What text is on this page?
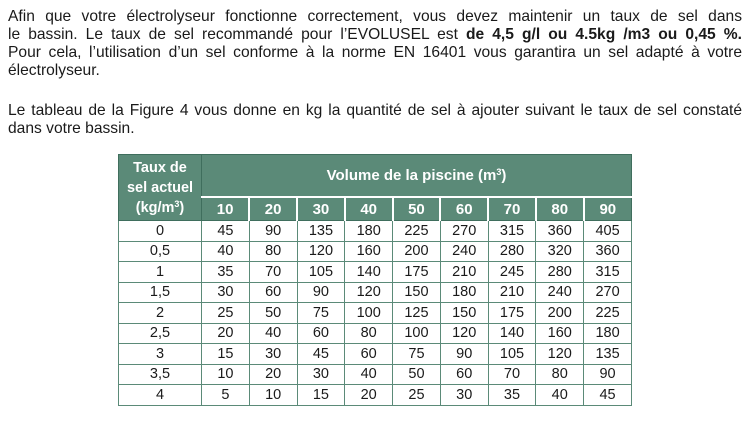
Afin que votre électrolyseur fonctionne correctement, vous devez maintenir un taux de sel dans
le bassin. Le taux de sel recommandé pour l’EVOLUSEL est de 4,5 g/l ou 4.5kg /m3 ou 0,45 %.
Pour cela, l’utilisation d’un sel conforme à la norme EN 16401 vous garantira un sel adapté à votre
électrolyseur.
Le tableau de la Figure 4 vous donne en kg la quantité de sel à ajouter suivant le taux de sel constaté
dans votre bassin.
Taux de
sel actuel
$(kg/m^3)$	Volume de la piscine $(m^3)$								
	10	20	30	40	50	60	70	80	90
0	45	90	135	180	225	270	315	360	405
0,5	40	80	120	160	200	240	280	320	360
1	35	70	105	140	175	210	245	280	315
1,5	30	60	90	120	150	180	210	240	270
2	25	50	75	100	125	150	175	200	225
2,5	20	40	60	80	100	120	140	160	180
3	15	30	45	60	75	90	105	120	135
3,5	10	20	30	40	50	60	70	80	90
4	5	10	15	20	25	30	35	40	45
